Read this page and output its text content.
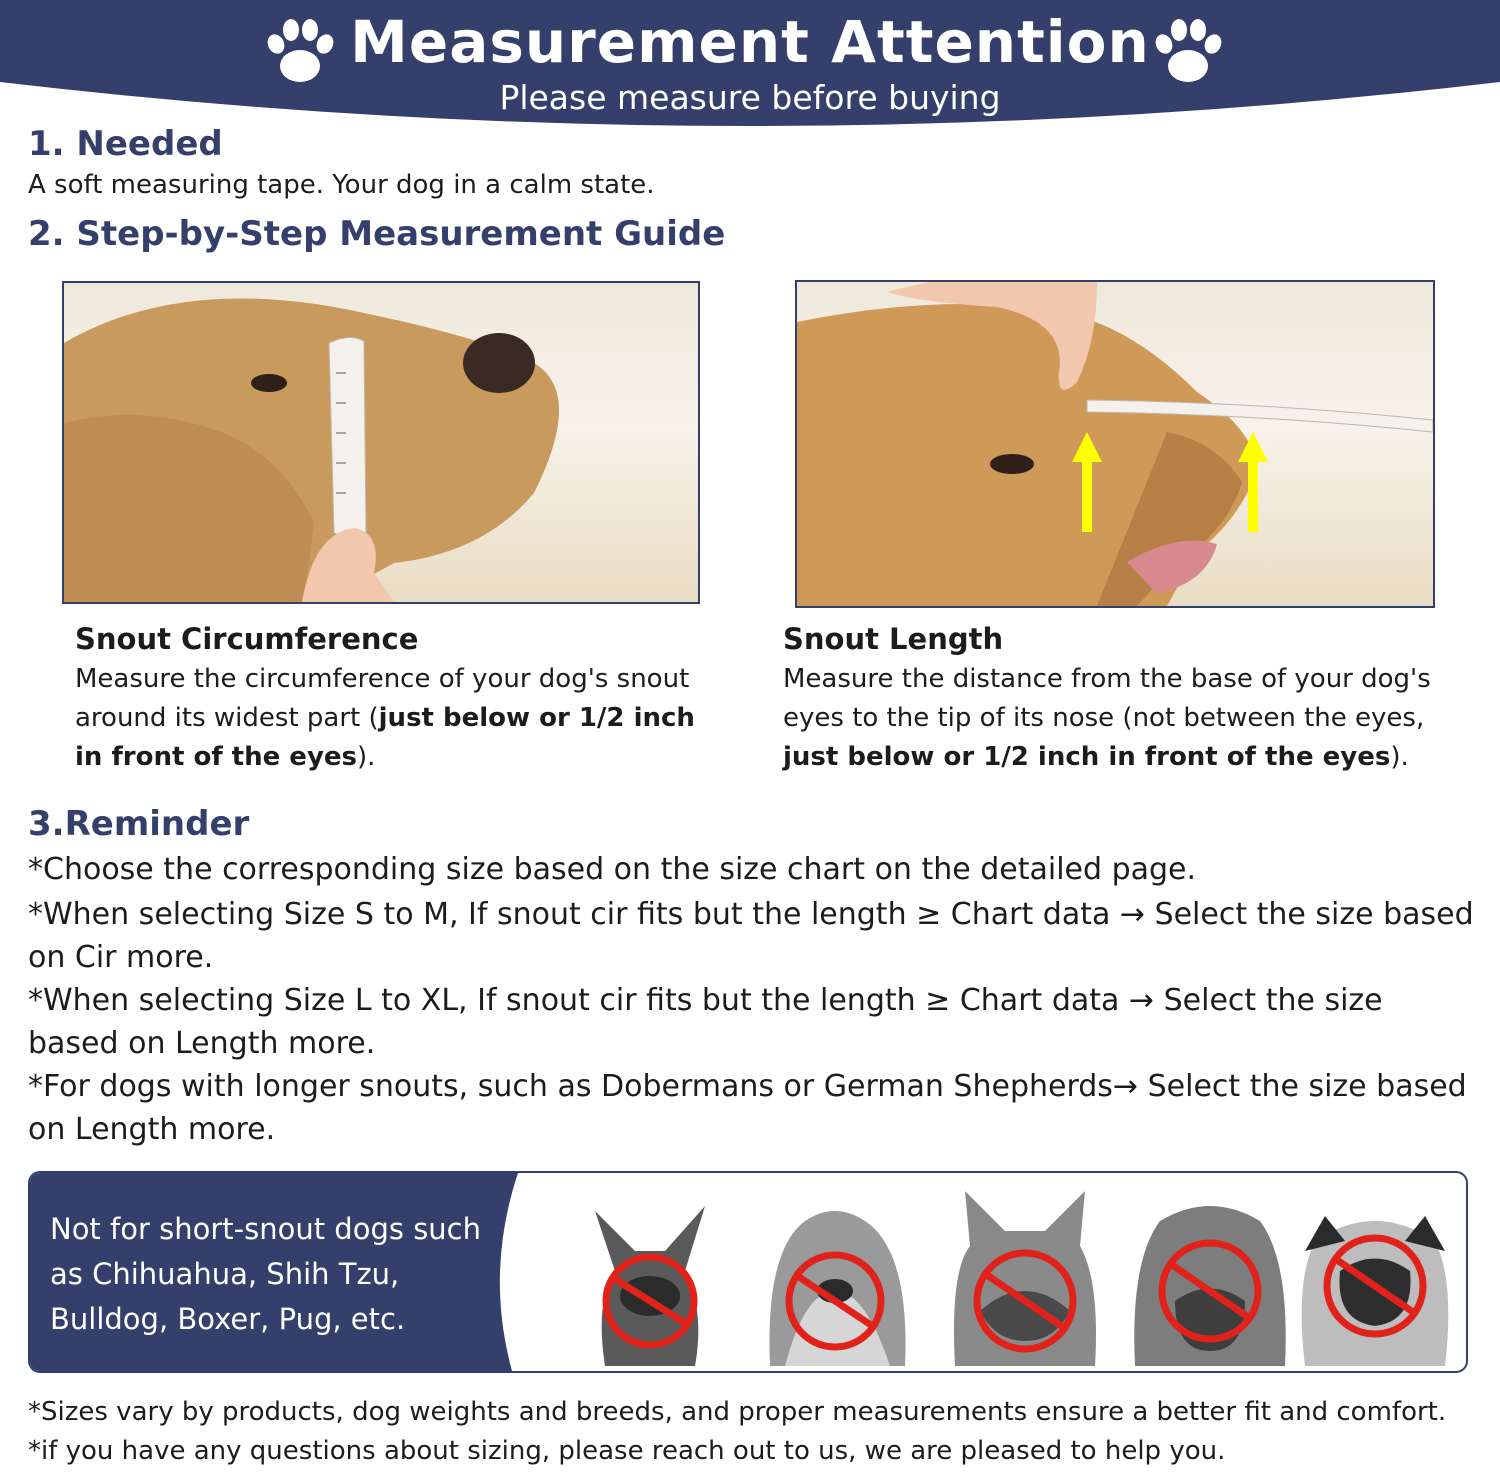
Measurement Attention
Please measure before buying
1. Needed
A soft measuring tape. Your dog in a calm state.
2. Step-by-Step Measurement Guide
Snout Circumference
Measure the circumference of your dog's snout around its widest part (just below or 1/2 inch in front of the eyes).
Snout Length
Measure the distance from the base of your dog's eyes to the tip of its nose (not between the eyes, just below or 1/2 inch in front of the eyes).
3.Reminder
*Choose the corresponding size based on the size chart on the detailed page.
*When selecting Size S to M, If snout cir fits but the length ≥ Chart data → Select the size based on Cir more.
*When selecting Size L to XL, If snout cir fits but the length ≥ Chart data → Select the size based on Length more.
*For dogs with longer snouts, such as Dobermans or German Shepherds→ Select the size based on Length more.
Not for short-snout dogs such as Chihuahua, Shih Tzu, Bulldog, Boxer, Pug, etc.
*Sizes vary by products, dog weights and breeds, and proper measurements ensure a better fit and comfort.
*if you have any questions about sizing, please reach out to us, we are pleased to help you.
